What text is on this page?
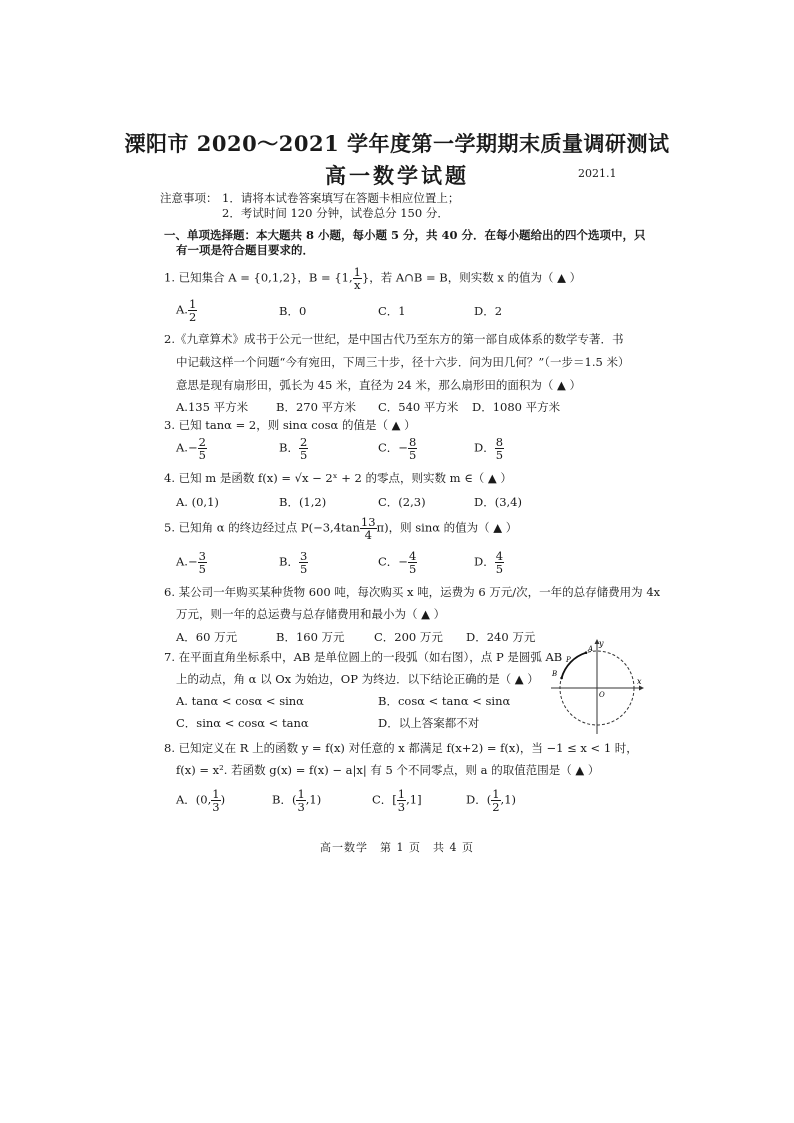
溧阳市 2020～2021 学年度第一学期期末质量调研测试
高一数学试题	2021.1
注意事项： 1．请将本试卷答案填写在答题卡相应位置上；
2．考试时间 120 分钟，试卷总分 150 分．
一、单项选择题：本大题共 8 小题，每小题 5 分，共 40 分．在每小题给出的四个选项中，只
有一项是符合题目要求的．
1. 已知集合 A = {0,1,2}，B = {1, $\frac{1}{x}$ }，若 A∩B = B，则实数 x 的值为（ ▲ ）
A. $\frac{1}{2}$	B．0	C．1	D．2
2.《九章算术》成书于公元一世纪，是中国古代乃至东方的第一部自成体系的数学专著．书
中记载这样一个问题“今有宛田，下周三十步，径十六步．问为田几何？”（一步＝1.5 米）
意思是现有扇形田，弧长为 45 米，直径为 24 米，那么扇形田的面积为（ ▲ ）
A.135 平方米 B．270 平方米 C．540 平方米 D．1080 平方米
3. 已知 tanα = 2，则 sinα cosα 的值是（ ▲ ）
$A.- \frac{2}{5}$	B． $\frac{2}{5}$	C．− $\frac{8}{5}$	D． $\frac{8}{5}$
4. 已知 m 是函数 f(x) = √x − 2ˣ + 2 的零点，则实数 m ∈（ ▲ ）
A. (0,1)	B．(1,2)	C．(2,3)	D．(3,4)
5. 已知角 α 的终边经过点 $P(-3,4\tan \frac{13}{4} \pi)$，则 sinα 的值为（ ▲ ）
$A.- \frac{3}{5}$	B． $\frac{3}{5}$	C．− $\frac{4}{5}$	D． $\frac{4}{5}$
6. 某公司一年购买某种货物 600 吨，每次购买 x 吨，运费为 6 万元/次，一年的总存储费用为 4x
万元，则一年的总运费与总存储费用和最小为（ ▲ ）
A．60 万元	B．160 万元	C．200 万元 D．240 万元
7. 在平面直角坐标系中，AB 是单位圆上的一段弧（如右图），点 P 是圆弧 AB
上的动点，角 α 以 Ox 为始边，OP 为终边．以下结论正确的是（ ▲ ）
A. tanα < cosα < sinα	B．cosα < tanα < sinα
C．sinα < cosα < tanα	D．以上答案都不对
y
x
O
A
B
P
8. 已知定义在 R 上的函数 y = f(x) 对任意的 x 都满足 f(x+2) = f(x)，当 −1 ≤ x < 1 时，
f(x) = x². 若函数 g(x) = f(x) − a|x| 有 5 个不同零点，则 a 的取值范围是（ ▲ ）
A．(0, $\frac{1}{3}$ )	B．( $\frac{1}{3} ,1$)	C．[ $\frac{1}{3} ,1$]	D．( $\frac{1}{2} ,1$)
高一数学　第 1 页　共 4 页
